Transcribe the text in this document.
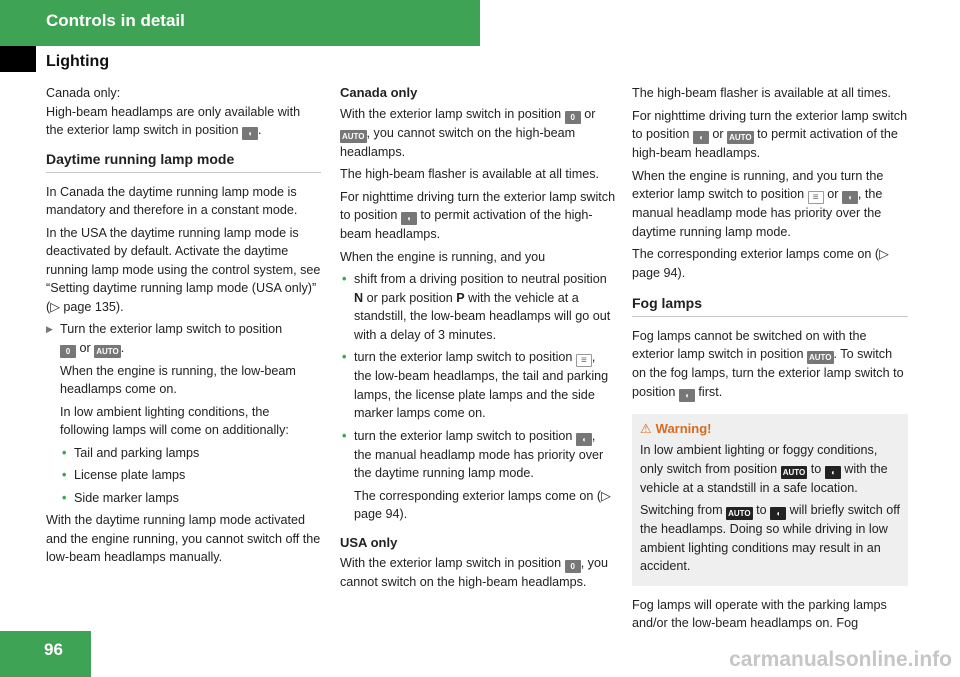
Controls in detail
Lighting

Canada only:
High-beam headlamps are only available with the exterior lamp switch in position ◖ .

Daytime running lamp mode

In Canada the daytime running lamp mode is mandatory and therefore in a constant mode.

In the USA the daytime running lamp mode is deactivated by default. Activate the daytime running lamp mode using the control system, see “Setting daytime running lamp mode (USA only)” (▷ page 135).

▶ Turn the exterior lamp switch to position
0 or AUTO .

When the engine is running, the low-beam headlamps come on.

In low ambient lighting conditions, the following lamps will come on additionally:

• Tail and parking lamps
• License plate lamps
• Side marker lamps

With the daytime running lamp mode activated and the engine running, you cannot switch off the low-beam headlamps manually.

Canada only

With the exterior lamp switch in position 0 or AUTO , you cannot switch on the high-beam headlamps.

The high-beam flasher is available at all times.

For nighttime driving turn the exterior lamp switch to position ◖ to permit activation of the high-beam headlamps.

When the engine is running, and you

• shift from a driving position to neutral position N or park position P with the vehicle at a standstill, the low-beam headlamps will go out with a delay of 3 minutes.
• turn the exterior lamp switch to position ≡ , the low-beam headlamps, the tail and parking lamps, the license plate lamps and the side marker lamps come on.
• turn the exterior lamp switch to position ◖ , the manual headlamp mode has priority over the daytime running lamp mode.
The corresponding exterior lamps come on (▷ page 94).
USA only

With the exterior lamp switch in position 0 , you cannot switch on the high-beam headlamps.

The high-beam flasher is available at all times.

For nighttime driving turn the exterior lamp switch to position ◖ or AUTO to permit activation of the high-beam headlamps.

When the engine is running, and you turn the exterior lamp switch to position ≡ or ◖ , the manual headlamp mode has priority over the daytime running lamp mode.

The corresponding exterior lamps come on (▷ page 94).

Fog lamps

Fog lamps cannot be switched on with the exterior lamp switch in position AUTO . To switch on the fog lamps, turn the exterior lamp switch to position ◖ first.

⚠ Warning!

In low ambient lighting or foggy conditions, only switch from position AUTO to ◖ with the vehicle at a standstill in a safe location.

Switching from AUTO to ◖ will briefly switch off the headlamps. Doing so while driving in low ambient lighting conditions may result in an accident.

Fog lamps will operate with the parking lamps and/or the low-beam headlamps on. Fog

96	carmanualsonline.info
